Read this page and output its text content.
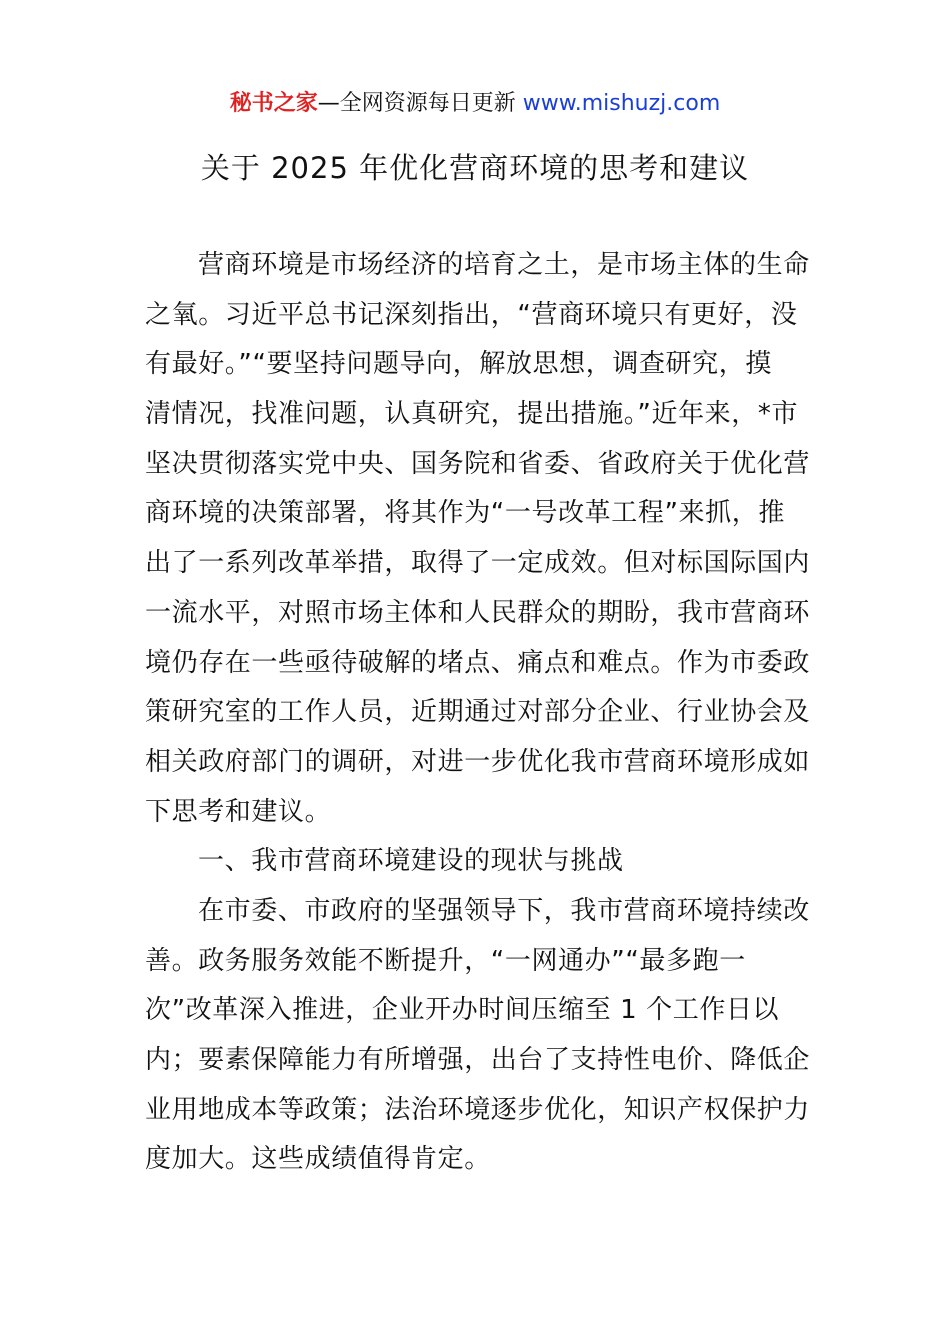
秘书之家—全网资源每日更新 www.mishuzj.com
关于 2025 年优化营商环境的思考和建议
营商环境是市场经济的培育之土，是市场主体的生命
之氧。习近平总书记深刻指出，“营商环境只有更好，没
有最好。”“要坚持问题导向，解放思想，调查研究，摸
清情况，找准问题，认真研究，提出措施。”近年来，*市
坚决贯彻落实党中央、国务院和省委、省政府关于优化营
商环境的决策部署，将其作为“一号改革工程”来抓，推
出了一系列改革举措，取得了一定成效。但对标国际国内
一流水平，对照市场主体和人民群众的期盼，我市营商环
境仍存在一些亟待破解的堵点、痛点和难点。作为市委政
策研究室的工作人员，近期通过对部分企业、行业协会及
相关政府部门的调研，对进一步优化我市营商环境形成如
下思考和建议。
一、我市营商环境建设的现状与挑战
在市委、市政府的坚强领导下，我市营商环境持续改
善。政务服务效能不断提升，“一网通办”“最多跑一
次”改革深入推进，企业开办时间压缩至 1 个工作日以
内；要素保障能力有所增强，出台了支持性电价、降低企
业用地成本等政策；法治环境逐步优化，知识产权保护力
度加大。这些成绩值得肯定。
